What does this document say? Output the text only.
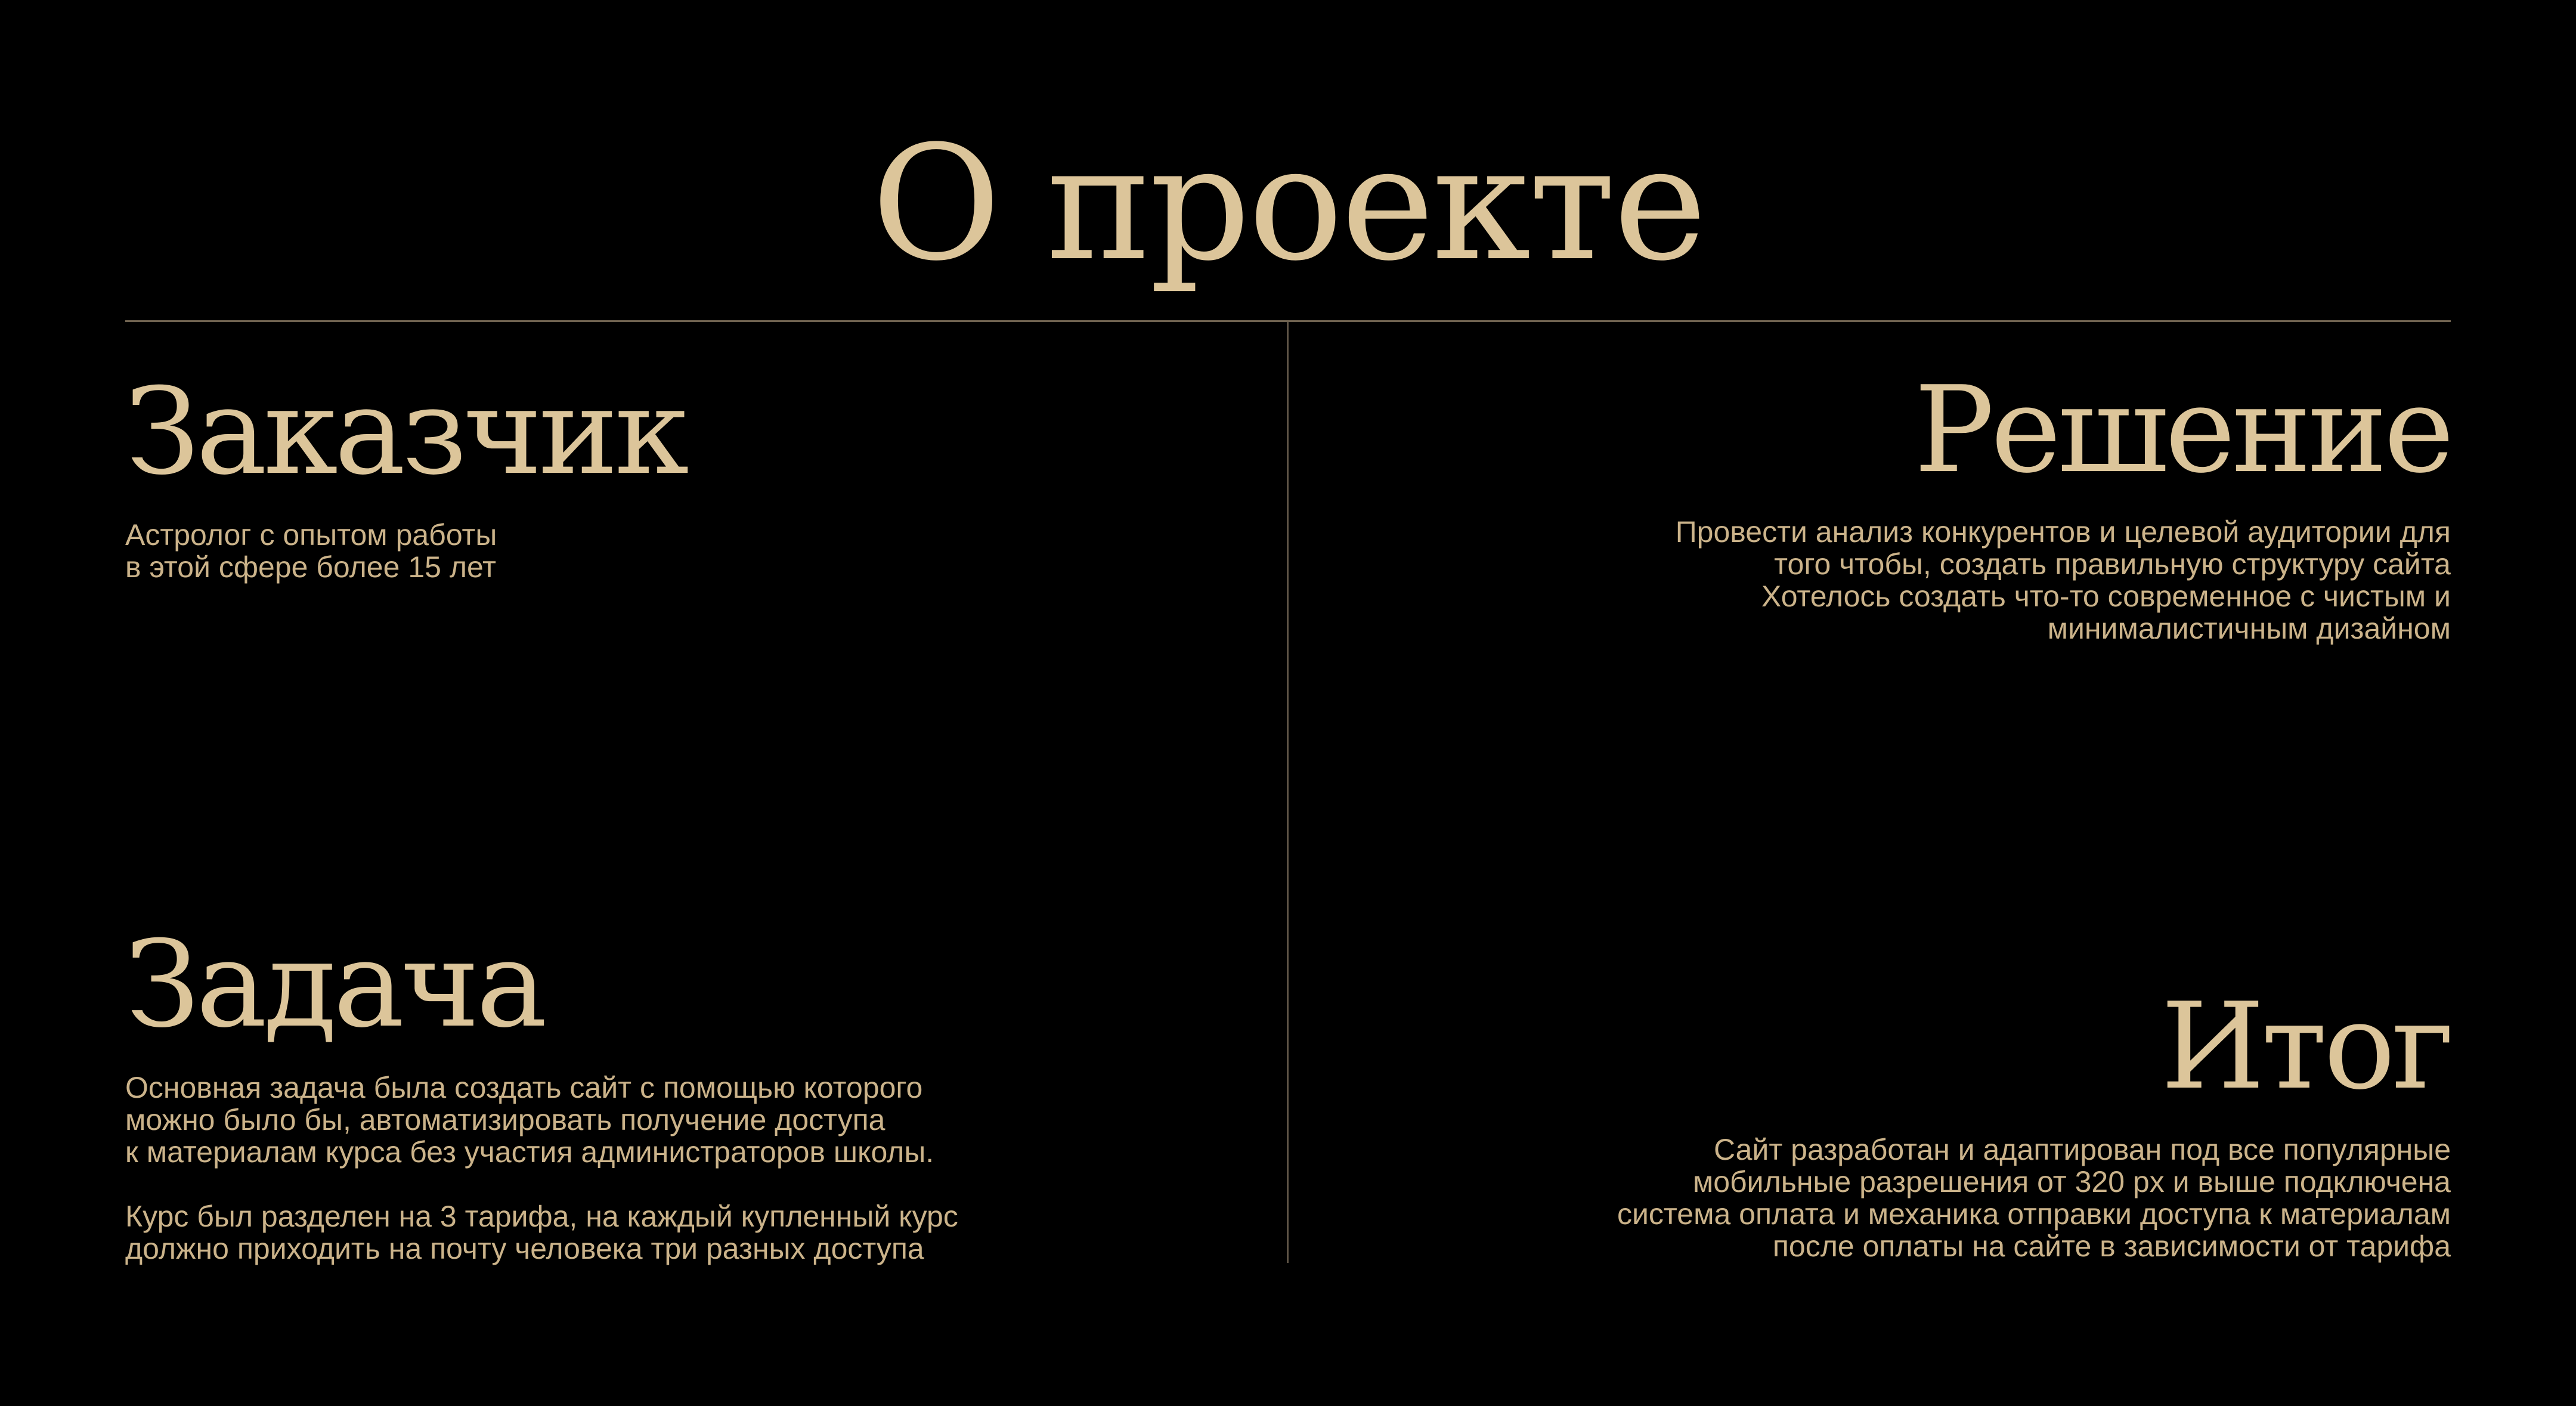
О проекте
Заказчик

Астролог с опытом работы
в этой сфере более 15 лет

Решение

Провести анализ конкурентов и целевой аудитории для
того чтобы, создать правильную структуру сайта
Хотелось создать что-то современное с чистым и
минималистичным дизайном

Задача

Основная задача была создать сайт с помощью которого
можно было бы, автоматизировать получение доступа
к материалам курса без участия администраторов школы.
Курс был разделен на 3 тарифа, на каждый купленный курс
должно приходить на почту человека три разных доступа

Итог

Сайт разработан и адаптирован под все популярные
мобильные разрешения от 320 px и выше подключена
система оплата и механика отправки доступа к материалам
после оплаты на сайте в зависимости от тарифа
